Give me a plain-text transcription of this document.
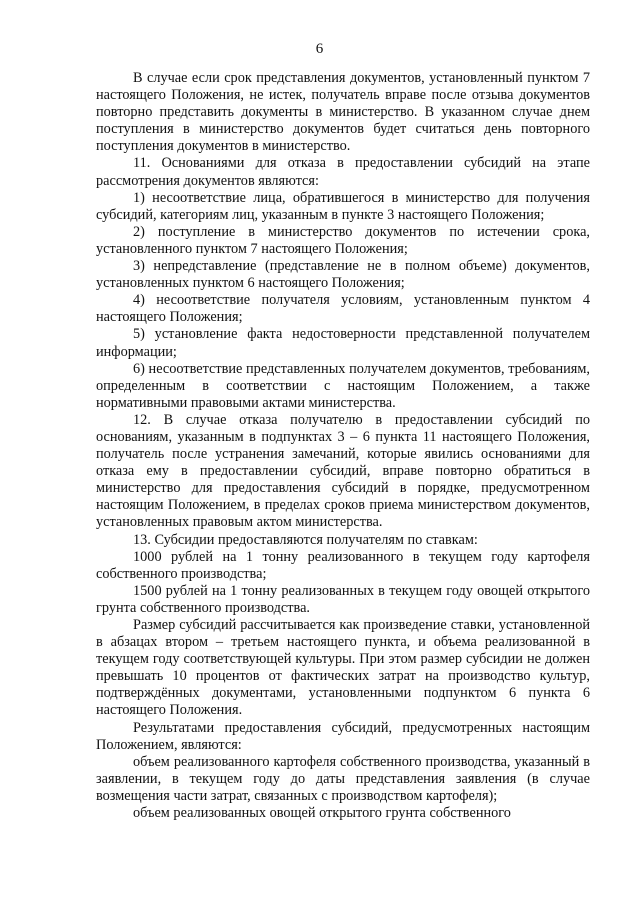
6

В случае если срок представления документов, установленный пунктом 7 настоящего Положения, не истек, получатель вправе после отзыва документов повторно представить документы в министерство. В указанном случае днем поступления в министерство документов будет считаться день повторного поступления документов в министерство.

11. Основаниями для отказа в предоставлении субсидий на этапе рассмотрения документов являются:

1) несоответствие лица, обратившегося в министерство для получения субсидий, категориям лиц, указанным в пункте 3 настоящего Положения;

2) поступление в министерство документов по истечении срока, установленного пунктом 7 настоящего Положения;

3) непредставление (представление не в полном объеме) документов, установленных пунктом 6 настоящего Положения;

4) несоответствие получателя условиям, установленным пунктом 4 настоящего Положения;

5) установление факта недостоверности представленной получателем информации;

6) несоответствие представленных получателем документов, требованиям, определенным в соответствии с настоящим Положением, а также нормативными правовыми актами министерства.

12. В случае отказа получателю в предоставлении субсидий по основаниям, указанным в подпунктах 3 – 6 пункта 11 настоящего Положения, получатель после устранения замечаний, которые явились основаниями для отказа ему в предоставлении субсидий, вправе повторно обратиться в министерство для предоставления субсидий в порядке, предусмотренном настоящим Положением, в пределах сроков приема министерством документов, установленных правовым актом министерства.

13. Субсидии предоставляются получателям по ставкам:

1000 рублей на 1 тонну реализованного в текущем году картофеля собственного производства;

1500 рублей на 1 тонну реализованных в текущем году овощей открытого грунта собственного производства.

Размер субсидий рассчитывается как произведение ставки, установленной в абзацах втором – третьем настоящего пункта, и объема реализованной в текущем году соответствующей культуры. При этом размер субсидии не должен превышать 10 процентов от фактических затрат на производство культур, подтверждённых документами, установленными подпунктом 6 пункта 6 настоящего Положения.

Результатами предоставления субсидий, предусмотренных настоящим Положением, являются:

объем реализованного картофеля собственного производства, указанный в заявлении, в текущем году до даты представления заявления (в случае возмещения части затрат, связанных с производством картофеля);

объем реализованных овощей открытого грунта собственного
